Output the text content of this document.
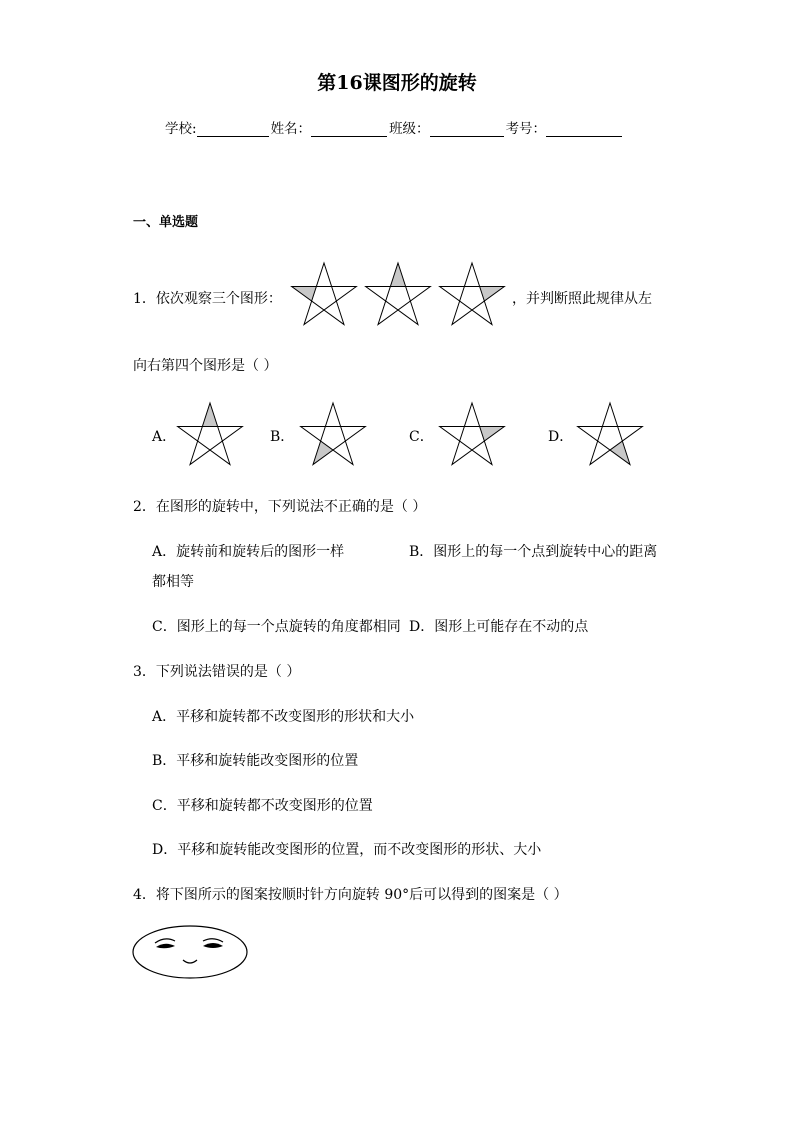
第16课图形的旋转
学校:	姓名：	班级：	考号：
一、单选题
1．依次观察三个图形：	，并判断照此规律从左
向右第四个图形是（ ）
A．	B．	C．	D．
2．在图形的旋转中，下列说法不正确的是（ ）
A．旋转前和旋转后的图形一样	B．图形上的每一个点到旋转中心的距离
都相等
C．图形上的每一个点旋转的角度都相同 D．图形上可能存在不动的点
3．下列说法错误的是（ ）
A．平移和旋转都不改变图形的形状和大小
B．平移和旋转能改变图形的位置
C．平移和旋转都不改变图形的位置
D．平移和旋转能改变图形的位置，而不改变图形的形状、大小
4．将下图所示的图案按顺时针方向旋转 90°后可以得到的图案是（ ）
